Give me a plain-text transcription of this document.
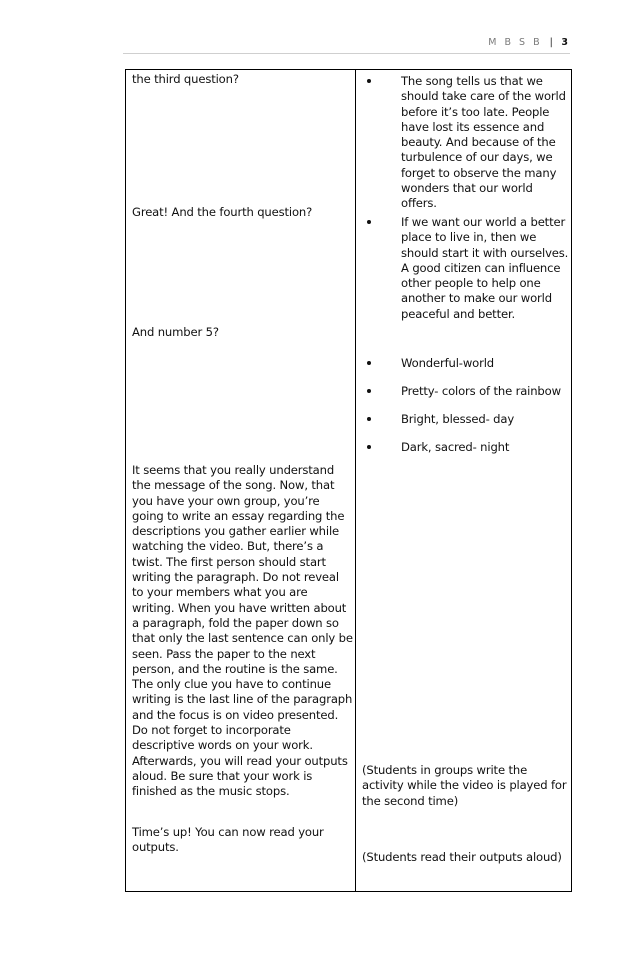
M B S B | 3

the third question?

Great! And the fourth question?

And number 5?

It seems that you really understand the message of the song. Now, that you have your own group, you’re going to write an essay regarding the descriptions you gather earlier while watching the video. But, there’s a twist. The first person should start writing the paragraph. Do not reveal to your members what you are writing. When you have written about a paragraph, fold the paper down so that only the last sentence can only be seen. Pass the paper to the next person, and the routine is the same. The only clue you have to continue writing is the last line of the paragraph and the focus is on video presented. Do not forget to incorporate descriptive words on your work. Afterwards, you will read your outputs aloud. Be sure that your work is finished as the music stops.

Time’s up! You can now read your outputs.

The song tells us that we should take care of the world before it’s too late. People have lost its essence and beauty. And because of the turbulence of our days, we forget to observe the many wonders that our world offers.

If we want our world a better place to live in, then we should start it with ourselves. A good citizen can influence other people to help one another to make our world peaceful and better.

Wonderful-world

Pretty- colors of the rainbow

Bright, blessed- day

Dark, sacred- night

(Students in groups write the activity while the video is played for the second time)

(Students read their outputs aloud)
